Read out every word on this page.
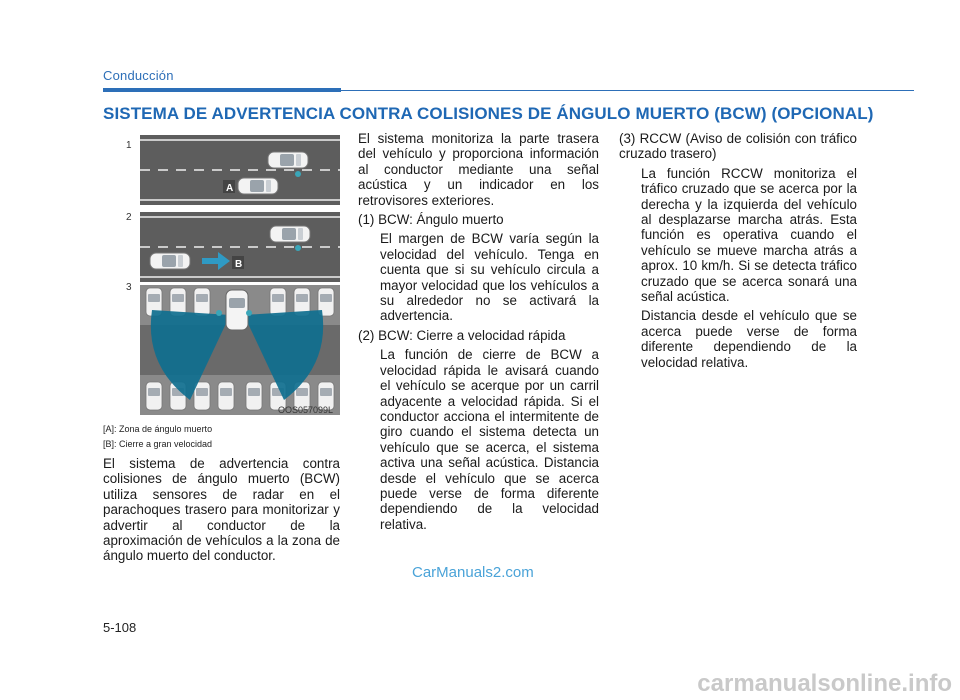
Conducción
SISTEMA DE ADVERTENCIA CONTRA COLISIONES DE ÁNGULO MUERTO (BCW) (OPCIONAL)
1
2
3
A
B
OOS057099L
[A]: Zona de ángulo muerto
[B]: Cierre a gran velocidad

El sistema de advertencia contra colisiones de ángulo muerto (BCW) utiliza sensores de radar en el parachoques trasero para monitorizar y advertir al conductor de la aproximación de vehículos a la zona de ángulo muerto del conductor.

El sistema monitoriza la parte trasera del vehículo y proporciona información al conductor mediante una señal acústica y un indicador en los retrovisores exteriores.

(1) BCW: Ángulo muerto

El margen de BCW varía según la velocidad del vehículo. Tenga en cuenta que si su vehículo circula a mayor velocidad que los vehículos a su alrededor no se activará la advertencia.

(2) BCW: Cierre a velocidad rápida

La función de cierre de BCW a velocidad rápida le avisará cuando el vehículo se acerque por un carril adyacente a velocidad rápida. Si el conductor acciona el intermitente de giro cuando el sistema detecta un vehículo que se acerca, el sistema activa una señal acústica. Distancia desde el vehículo que se acerca puede verse de forma diferente dependiendo de la velocidad relativa.

(3) RCCW (Aviso de colisión con tráfico cruzado trasero)

La función RCCW monitoriza el tráfico cruzado que se acerca por la derecha y la izquierda del vehículo al desplazarse marcha atrás. Esta función es operativa cuando el vehículo se mueve marcha atrás a aprox. 10 km/h. Si se detecta tráfico cruzado que se acerca sonará una señal acústica.

Distancia desde el vehículo que se acerca puede verse de forma diferente dependiendo de la velocidad relativa.

CarManuals2.com
5-108
carmanualsonline.info
